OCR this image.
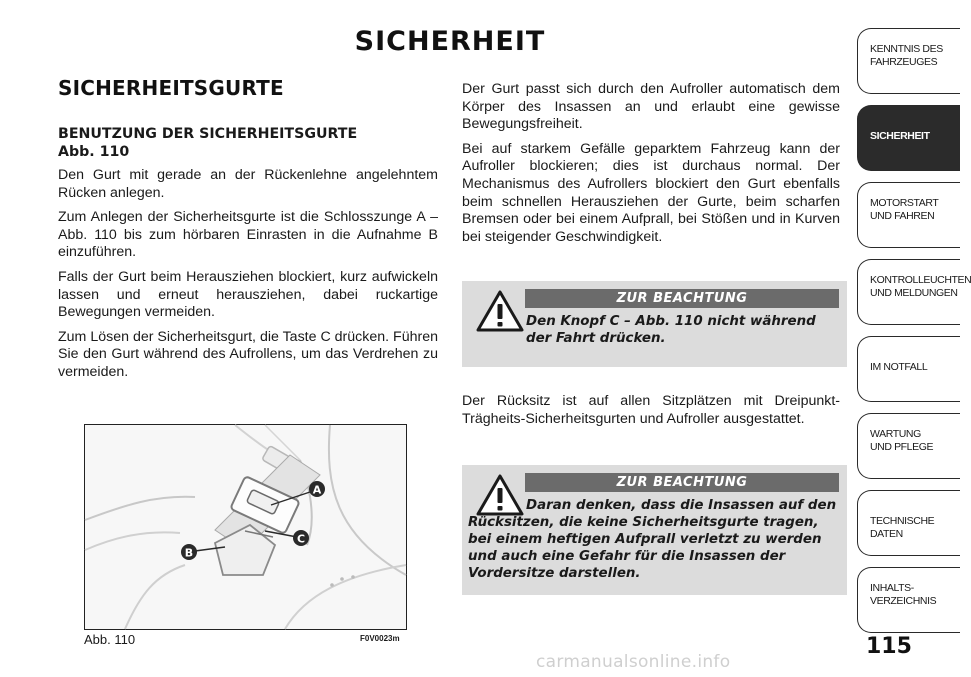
SICHERHEIT
SICHERHEITSGURTE

BENUTZUNG DER SICHERHEITSGURTE
Abb. 110

Den Gurt mit gerade an der Rückenlehne angelehntem Rücken anlegen.

Zum Anlegen der Sicherheitsgurte ist die Schlosszunge A – Abb. 110 bis zum hörbaren Einrasten in die Aufnahme B einzuführen.

Falls der Gurt beim Herausziehen blockiert, kurz aufwickeln lassen und erneut herausziehen, dabei ruckartige Bewegungen vermeiden.

Zum Lösen der Sicherheitsgurt, die Taste C drücken. Führen Sie den Gurt während des Aufrollens, um das Verdrehen zu vermeiden.

Der Gurt passt sich durch den Aufroller automatisch dem Körper des Insassen an und erlaubt eine gewisse Bewegungsfreiheit.

Bei auf starkem Gefälle geparktem Fahrzeug kann der Aufroller blockieren; dies ist durchaus normal. Der Mechanismus des Aufrollers blockiert den Gurt ebenfalls beim schnellen Herausziehen der Gurte, beim scharfen Bremsen oder bei einem Aufprall, bei Stößen und in Kurven bei steigender Geschwindigkeit.

ZUR BEACHTUNG
Den Knopf C – Abb. 110 nicht während der Fahrt drücken.

Der Rücksitz ist auf allen Sitzplätzen mit Dreipunkt-Trägheits-Sicherheitsgurten und Aufroller ausgestattet.

ZUR BEACHTUNG
Daran denken, dass die Insassen auf den
Rücksitzen, die keine Sicherheitsgurte tragen, bei einem heftigen Aufprall verletzt zu werden und auch eine Gefahr für die Insassen der Vordersitze darstellen.
A
C
B
Abb. 110	F0V0023m
KENNTNIS DES
FAHRZEUGES
SICHERHEIT
MOTORSTART
UND FAHREN
KONTROLLEUCHTEN
UND MELDUNGEN
IM NOTFALL
WARTUNG
UND PFLEGE
TECHNISCHE DATEN
INHALTS-
VERZEICHNIS
115
carmanualsonline.info
